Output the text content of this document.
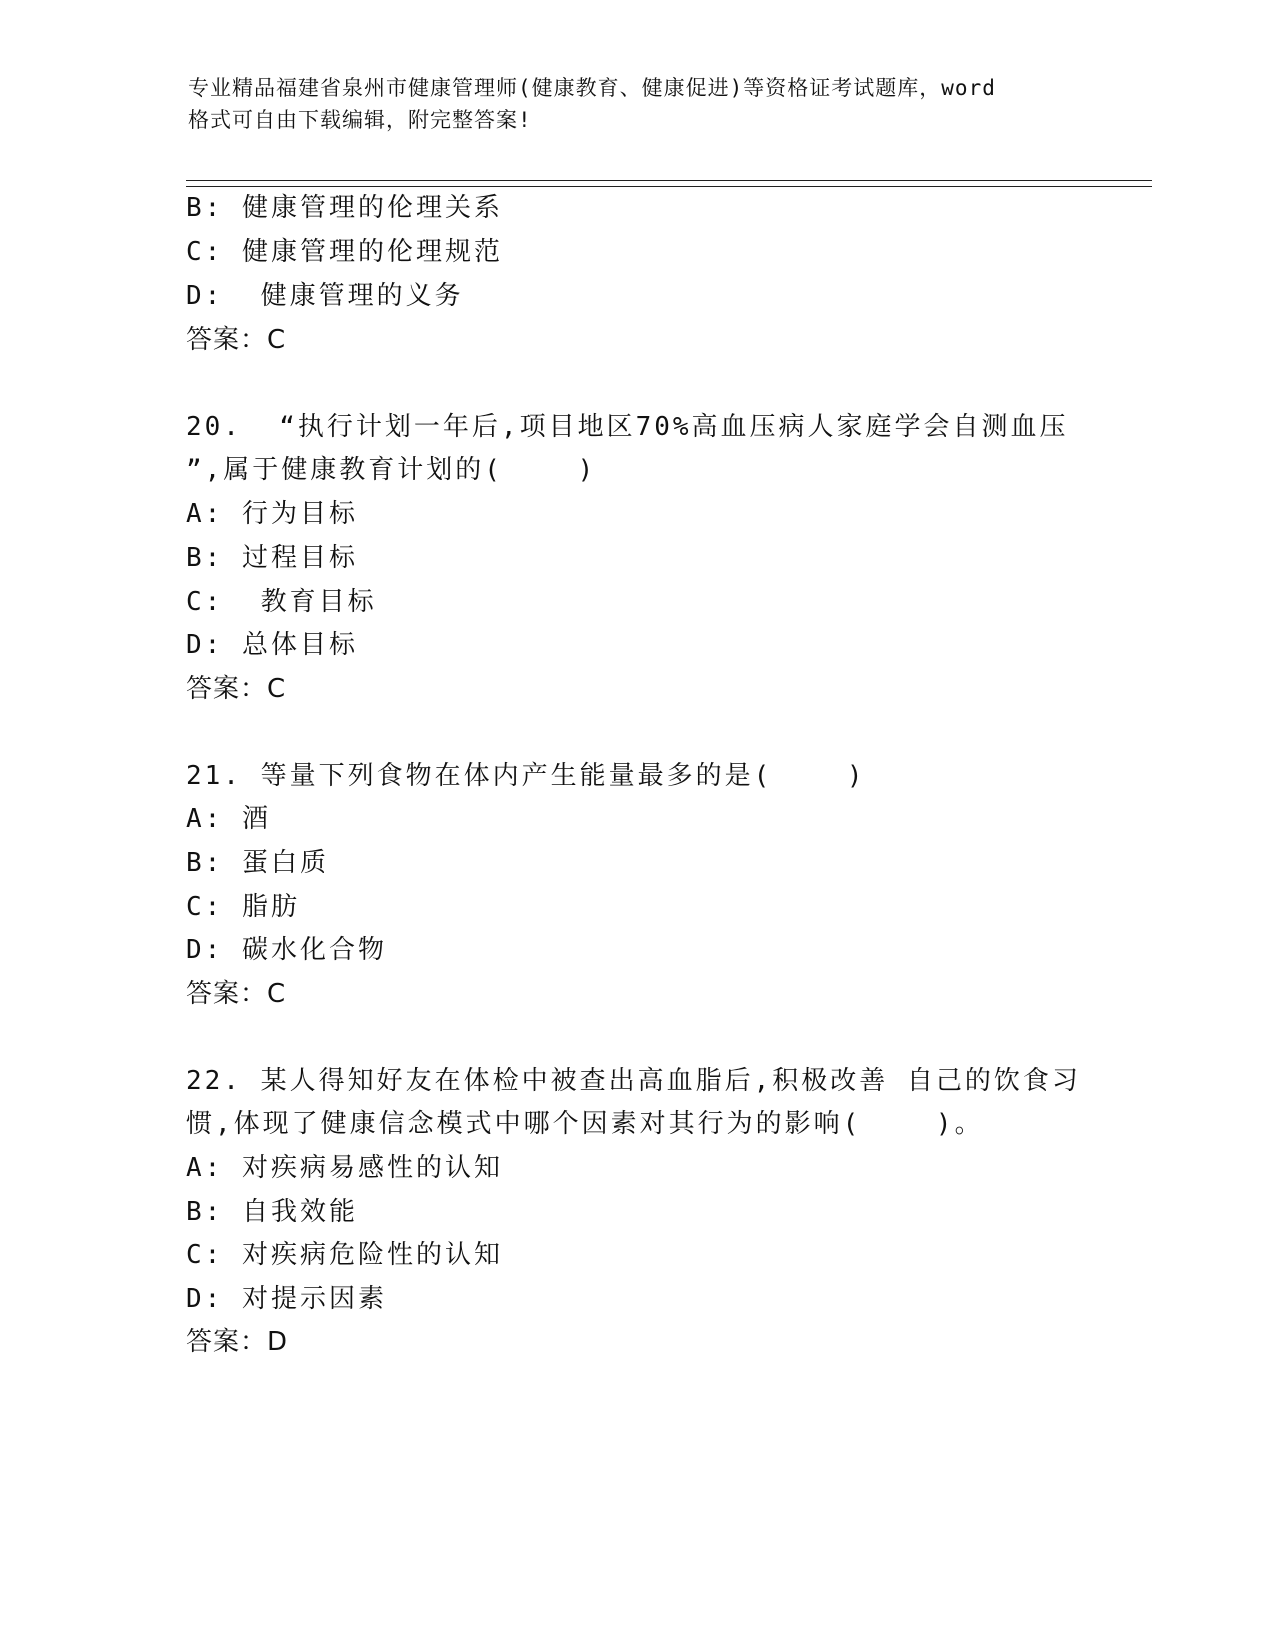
专业精品福建省泉州市健康管理师(健康教育、健康促进)等资格证考试题库，word

格式可自由下载编辑，附完整答案!

B: 健康管理的伦理关系
C: 健康管理的伦理规范
D:  健康管理的义务
答案：C
20.  “执行计划一年后,项目地区70%高血压病人家庭学会自测血压
”,属于健康教育计划的(    )
A: 行为目标
B: 过程目标
C:  教育目标
D: 总体目标
答案：C
21. 等量下列食物在体内产生能量最多的是(    )
A: 酒
B: 蛋白质
C: 脂肪
D: 碳水化合物
答案：C
22. 某人得知好友在体检中被查出高血脂后,积极改善 自己的饮食习
惯,体现了健康信念模式中哪个因素对其行为的影响(    )。
A: 对疾病易感性的认知
B: 自我效能
C: 对疾病危险性的认知
D: 对提示因素
答案：D
